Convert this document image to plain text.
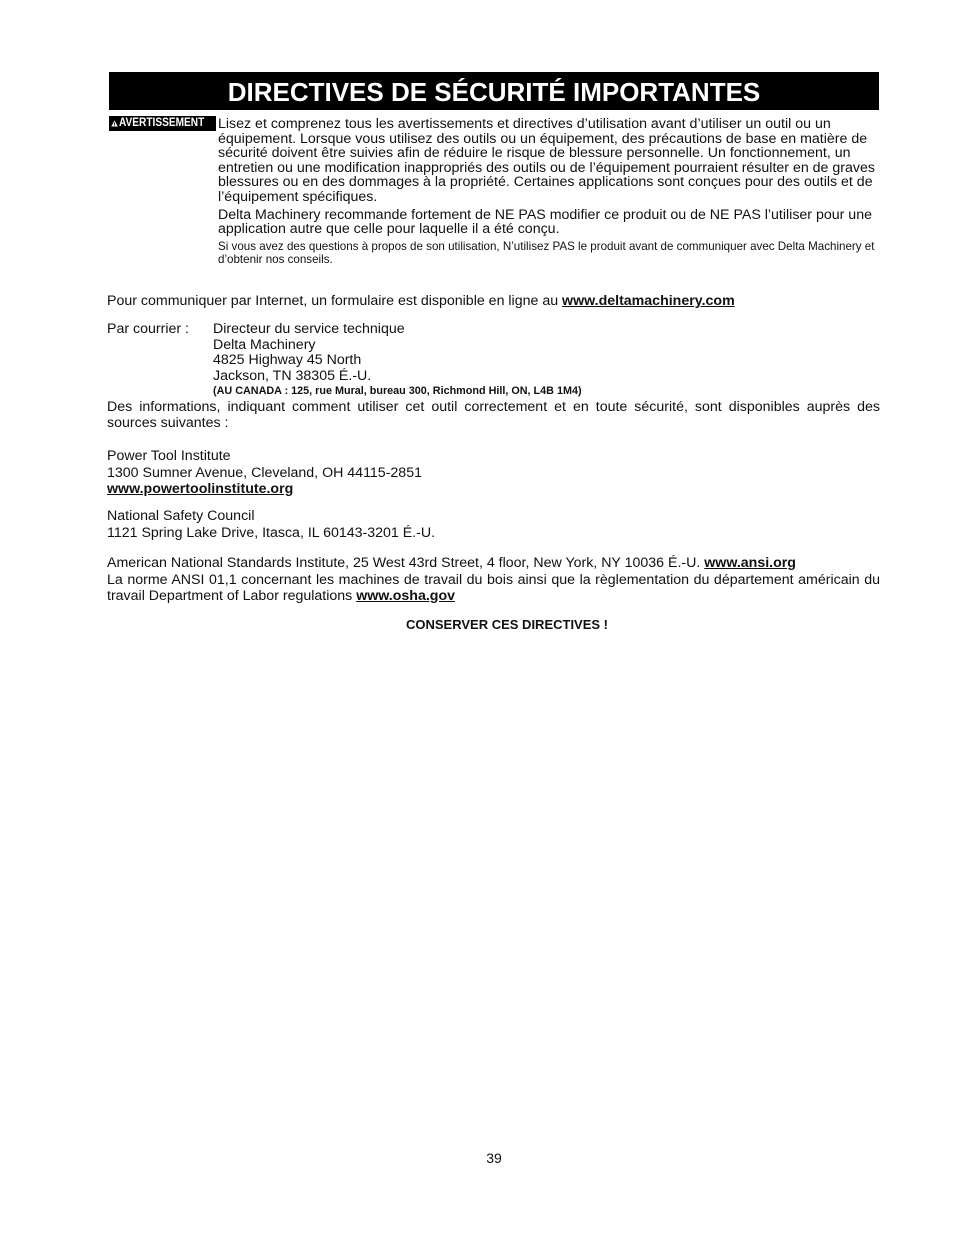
DIRECTIVES DE SÉCURITÉ IMPORTANTES
AVERTISSEMENT Lisez et comprenez tous les avertissements et directives d’utilisation avant d’utiliser un outil ou un équipement. Lorsque vous utilisez des outils ou un équipement, des précautions de base en matière de sécurité doivent être suivies afin de réduire le risque de blessure personnelle. Un fonctionnement, un entretien ou une modification inappropriés des outils ou de l’équipement pourraient résulter en de graves blessures ou en des dommages à la propriété. Certaines applications sont conçues pour des outils et de l’équipement spécifiques.

Delta Machinery recommande fortement de NE PAS modifier ce produit ou de NE PAS l’utiliser pour une application autre que celle pour laquelle il a été conçu.

Si vous avez des questions à propos de son utilisation, N’utilisez PAS le produit avant de communiquer avec Delta Machinery et d’obtenir nos conseils.

Pour communiquer par Internet, un formulaire est disponible en ligne au www.deltamachinery.com

Par courrier : Directeur du service technique
Delta Machinery
4825 Highway 45 North
Jackson, TN 38305 É.-U.
(AU CANADA : 125, rue Mural, bureau 300, Richmond Hill, ON, L4B 1M4)

Des informations, indiquant comment utiliser cet outil correctement et en toute sécurité, sont disponibles auprès des sources suivantes :

Power Tool Institute

1300 Sumner Avenue, Cleveland, OH 44115-2851

www.powertoolinstitute.org

National Safety Council

1121 Spring Lake Drive, Itasca, IL 60143-3201 É.-U.

American National Standards Institute, 25 West 43rd Street, 4 floor, New York, NY 10036 É.-U. www.ansi.org

La norme ANSI 01,1 concernant les machines de travail du bois ainsi que la règlementation du département américain du travail Department of Labor regulations www.osha.gov

CONSERVER CES DIRECTIVES !
39
